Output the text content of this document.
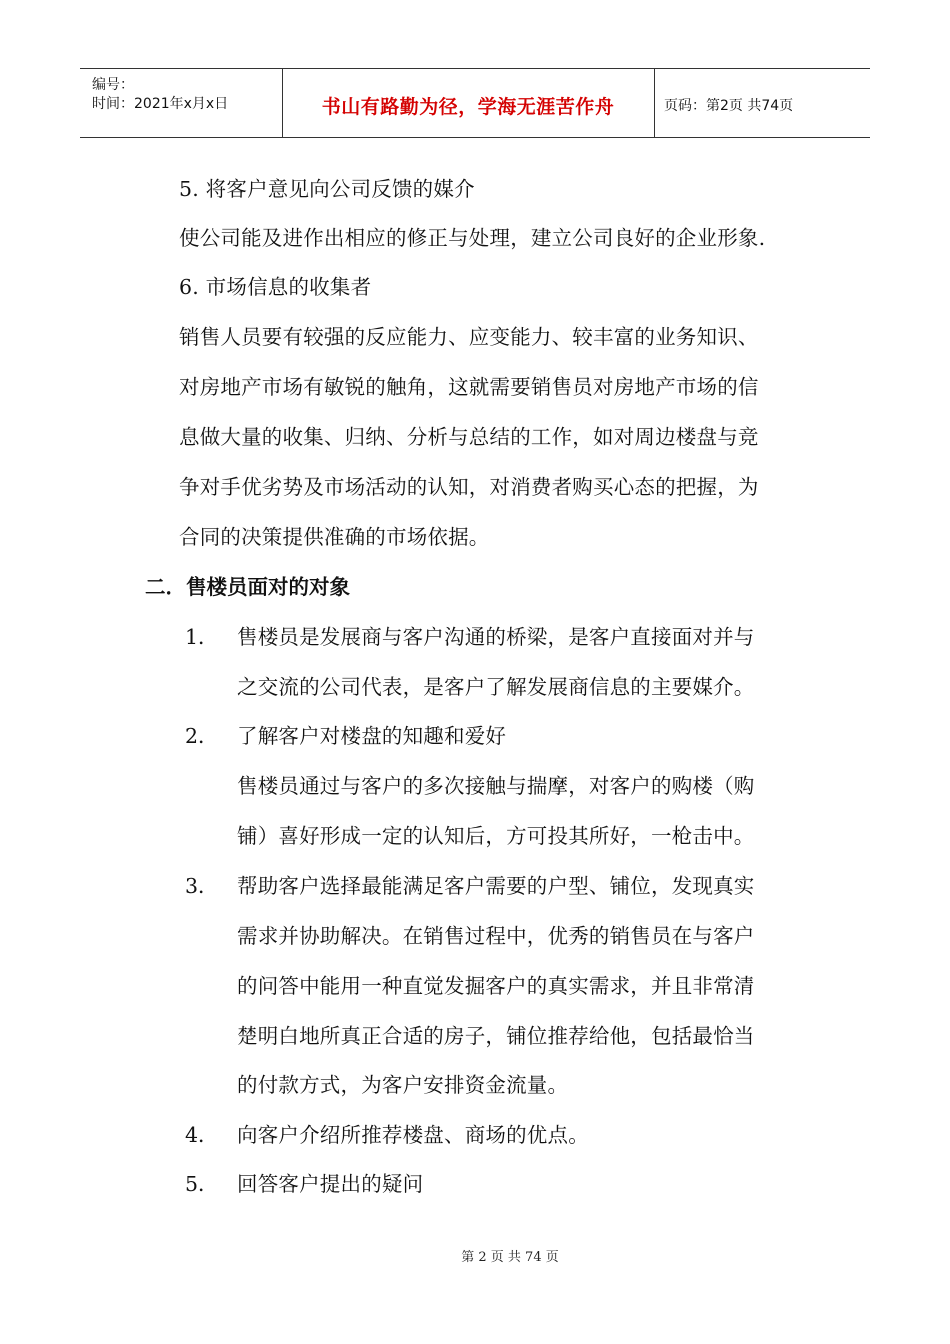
编号：
时间：2021年x月x日	书山有路勤为径，学海无涯苦作舟	页码：第2页 共74页
5. 将客户意见向公司反馈的媒介
使公司能及进作出相应的修正与处理，建立公司良好的企业形象.
6. 市场信息的收集者
销售人员要有较强的反应能力、应变能力、较丰富的业务知识、
对房地产市场有敏锐的触角，这就需要销售员对房地产市场的信
息做大量的收集、归纳、分析与总结的工作，如对周边楼盘与竞
争对手优劣势及市场活动的认知，对消费者购买心态的把握，为
合同的决策提供准确的市场依据。
二．售楼员面对的对象
1． 售楼员是发展商与客户沟通的桥梁，是客户直接面对并与
之交流的公司代表，是客户了解发展商信息的主要媒介。
2． 了解客户对楼盘的知趣和爱好
售楼员通过与客户的多次接触与揣摩，对客户的购楼（购
铺）喜好形成一定的认知后，方可投其所好，一枪击中。
3． 帮助客户选择最能满足客户需要的户型、铺位，发现真实
需求并协助解决。在销售过程中，优秀的销售员在与客户
的问答中能用一种直觉发掘客户的真实需求，并且非常清
楚明白地所真正合适的房子，铺位推荐给他，包括最恰当
的付款方式，为客户安排资金流量。
4． 向客户介绍所推荐楼盘、商场的优点。
5． 回答客户提出的疑问
第 2 页 共 74 页
